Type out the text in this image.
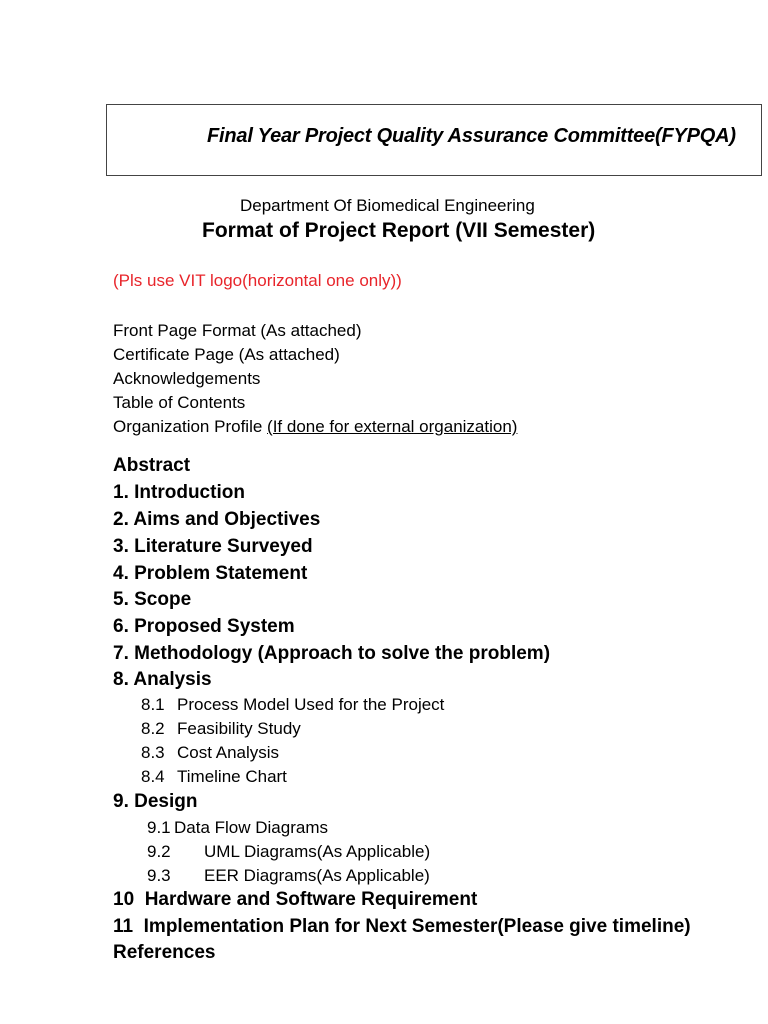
Final Year Project Quality Assurance Committee(FYPQA)
Department Of Biomedical Engineering
Format of Project Report (VII Semester)
(Pls use VIT logo(horizontal one only))
Front Page Format (As attached)
Certificate Page (As attached)
Acknowledgements
Table of Contents
Organization Profile (If done for external organization)
Abstract
1. Introduction
2. Aims and Objectives
3. Literature Surveyed
4. Problem Statement
5. Scope
6. Proposed System
7. Methodology (Approach to solve the problem)
8. Analysis
8.1 Process Model Used for the Project
8.2 Feasibility Study
8.3 Cost Analysis
8.4 Timeline Chart
9. Design
9.1 Data Flow Diagrams
9.2 UML Diagrams(As Applicable)
9.3 EER Diagrams(As Applicable)
10  Hardware and Software Requirement
11  Implementation Plan for Next Semester(Please give timeline)
References
